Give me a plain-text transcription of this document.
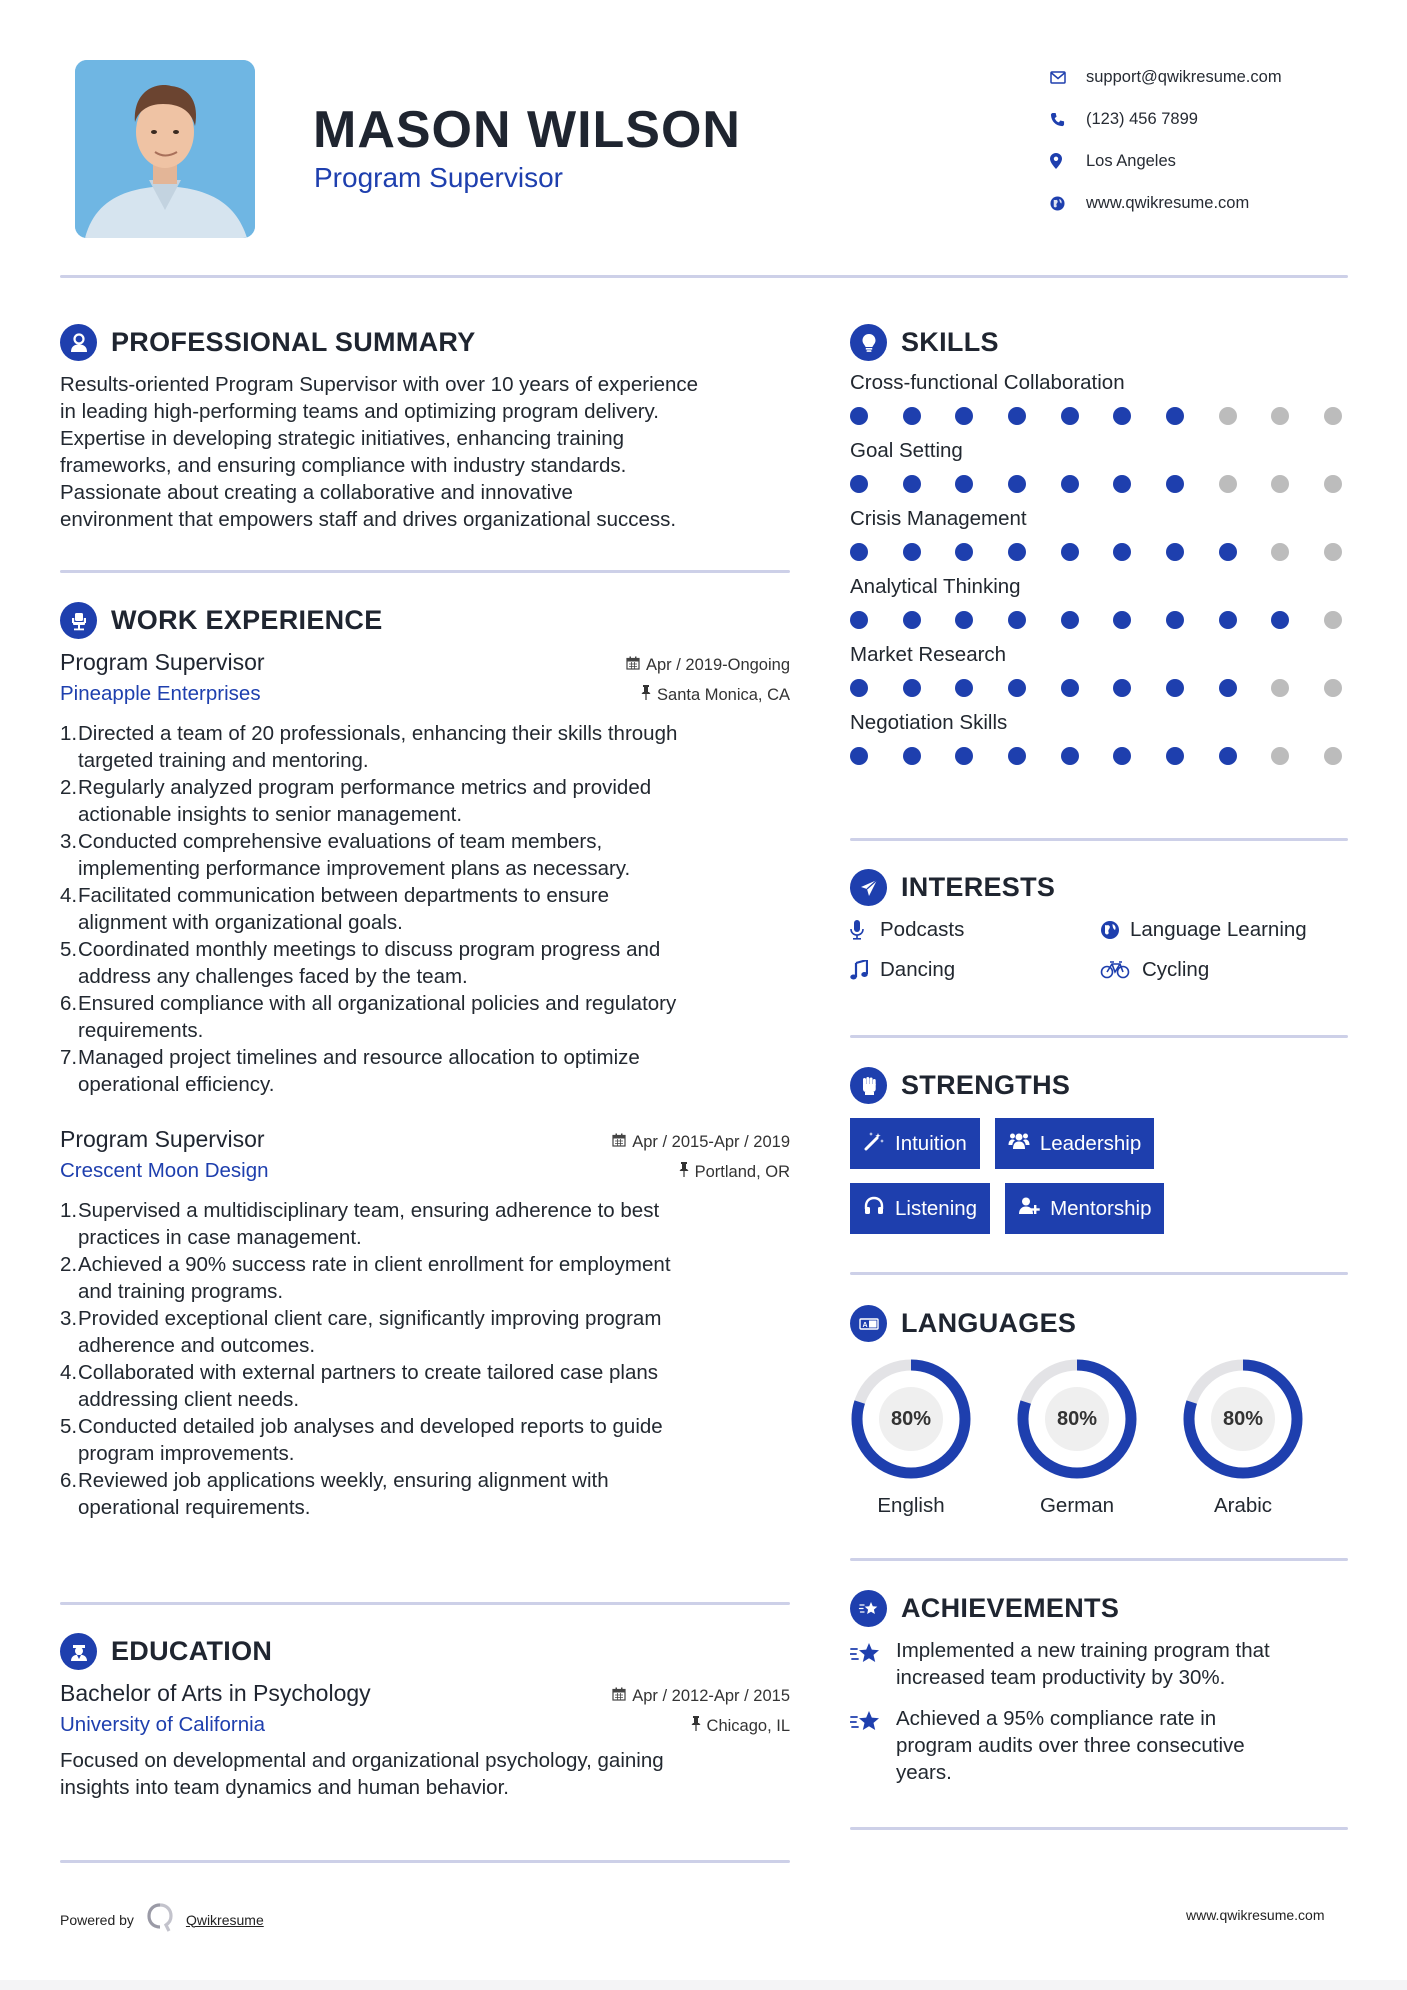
MASON WILSON
Program Supervisor
support@qwikresume.com
(123) 456 7899
Los Angeles
www.qwikresume.com
PROFESSIONAL SUMMARY
Results-oriented Program Supervisor with over 10 years of experience
in leading high-performing teams and optimizing program delivery.
Expertise in developing strategic initiatives, enhancing training
frameworks, and ensuring compliance with industry standards.
Passionate about creating a collaborative and innovative
environment that empowers staff and drives organizational success.
WORK EXPERIENCE
Program Supervisor	Apr / 2019-Ongoing
Pineapple Enterprises	Santa Monica, CA
1. Directed a team of 20 professionals, enhancing their skills through
targeted training and mentoring.
2. Regularly analyzed program performance metrics and provided
actionable insights to senior management.
3. Conducted comprehensive evaluations of team members,
implementing performance improvement plans as necessary.
4. Facilitated communication between departments to ensure
alignment with organizational goals.
5. Coordinated monthly meetings to discuss program progress and
address any challenges faced by the team.
6. Ensured compliance with all organizational policies and regulatory
requirements.
7. Managed project timelines and resource allocation to optimize
operational efficiency.
Program Supervisor	Apr / 2015-Apr / 2019
Crescent Moon Design	Portland, OR
1. Supervised a multidisciplinary team, ensuring adherence to best
practices in case management.
2. Achieved a 90% success rate in client enrollment for employment
and training programs.
3. Provided exceptional client care, significantly improving program
adherence and outcomes.
4. Collaborated with external partners to create tailored case plans
addressing client needs.
5. Conducted detailed job analyses and developed reports to guide
program improvements.
6. Reviewed job applications weekly, ensuring alignment with
operational requirements.
EDUCATION
Bachelor of Arts in Psychology	Apr / 2012-Apr / 2015
University of California	Chicago, IL
Focused on developmental and organizational psychology, gaining
insights into team dynamics and human behavior.
SKILLS
Cross-functional Collaboration
Goal Setting
Crisis Management
Analytical Thinking
Market Research
Negotiation Skills
INTERESTS
Podcasts	Language Learning
Dancing	Cycling
STRENGTHS
Intuition	Leadership
Listening	Mentorship
A LANGUAGES
80%
English
80%
German
80%
Arabic
ACHIEVEMENTS
Implemented a new training program that
increased team productivity by 30%.
Achieved a 95% compliance rate in
program audits over three consecutive
years.
Powered by	Qwikresume	www.qwikresume.com
